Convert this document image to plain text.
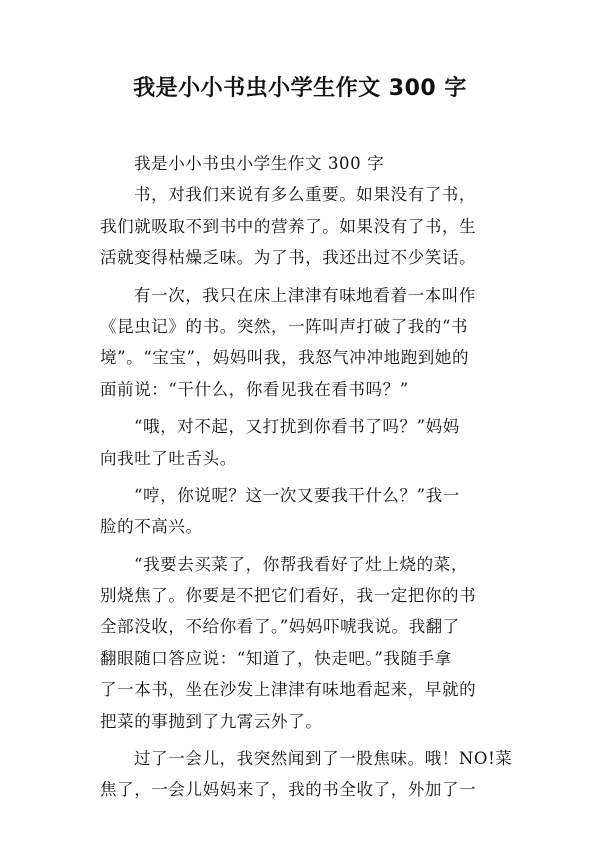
我是小小书虫小学生作文 300 字
我是小小书虫小学生作文 300 字
书，对我们来说有多么重要。如果没有了书，
我们就吸取不到书中的营养了。如果没有了书，生
活就变得枯燥乏味。为了书，我还出过不少笑话。
有一次，我只在床上津津有味地看着一本叫作
《昆虫记》的书。突然，一阵叫声打破了我的“书
境”。“宝宝”，妈妈叫我，我怒气冲冲地跑到她的
面前说：“干什么，你看见我在看书吗？”
“哦，对不起，又打扰到你看书了吗？”妈妈
向我吐了吐舌头。
“哼，你说呢？这一次又要我干什么？”我一
脸的不高兴。
“我要去买菜了，你帮我看好了灶上烧的菜，
别烧焦了。你要是不把它们看好，我一定把你的书
全部没收，不给你看了。”妈妈吓唬我说。我翻了
翻眼随口答应说：“知道了，快走吧。”我随手拿
了一本书，坐在沙发上津津有味地看起来，早就的
把菜的事抛到了九霄云外了。
过了一会儿，我突然闻到了一股焦味。哦！NO!菜
焦了，一会儿妈妈来了，我的书全收了，外加了一
